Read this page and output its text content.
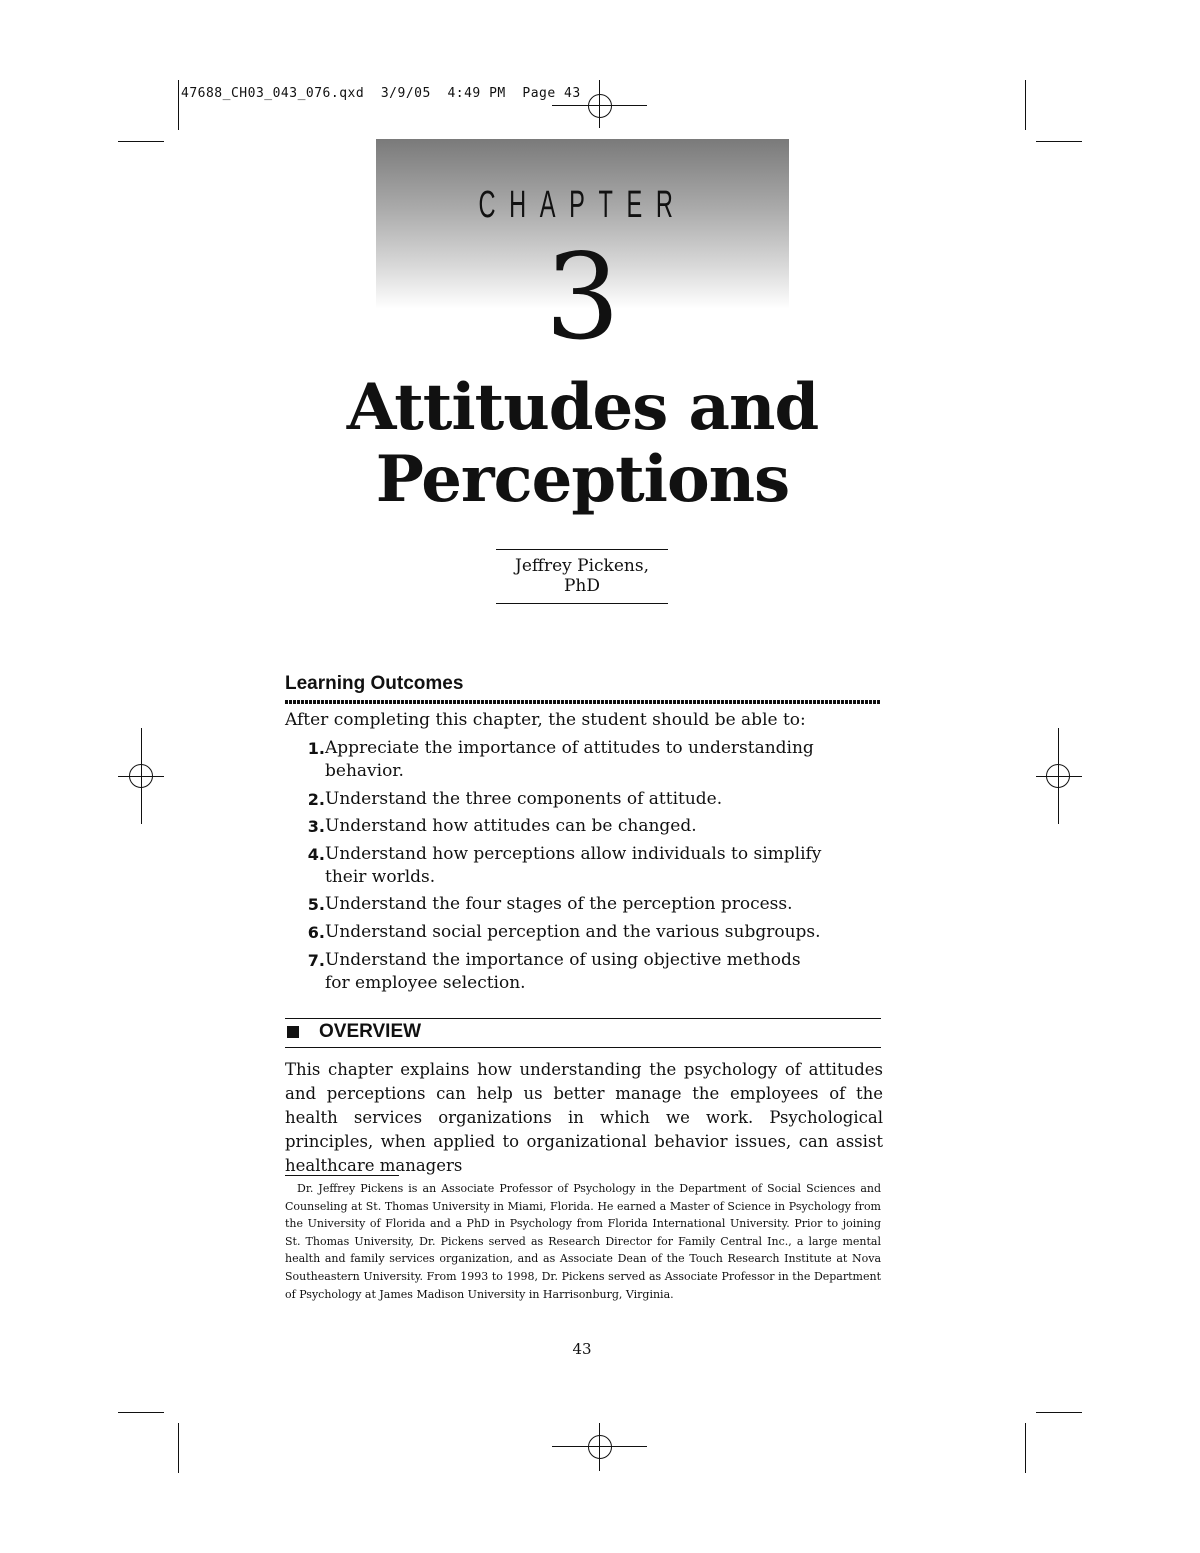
47688_CH03_043_076.qxd  3/9/05  4:49 PM  Page 43
CHAPTER
3
Attitudes and
Perceptions
Jeffrey Pickens, PhD
Learning Outcomes
After completing this chapter, the student should be able to:
1. Appreciate the importance of attitudes to understanding behavior.
2. Understand the three components of attitude.
3. Understand how attitudes can be changed.
4. Understand how perceptions allow individuals to simplify their worlds.
5. Understand the four stages of the perception process.
6. Understand social perception and the various subgroups.
7. Understand the importance of using objective methods for employee selection.
OVERVIEW
This chapter explains how understanding the psychology of attitudes and perceptions can help us better manage the employees of the health services organizations in which we work. Psychological principles, when applied to organizational behavior issues, can assist healthcare managers
Dr. Jeffrey Pickens is an Associate Professor of Psychology in the Department of Social Sciences and Counseling at St. Thomas University in Miami, Florida. He earned a Master of Science in Psychology from the University of Florida and a PhD in Psychology from Florida International University. Prior to joining St. Thomas University, Dr. Pickens served as Research Director for Family Central Inc., a large mental health and family services organization, and as Associate Dean of the Touch Research Institute at Nova Southeastern University. From 1993 to 1998, Dr. Pickens served as Associate Professor in the Department of Psychology at James Madison University in Harrisonburg, Virginia.
43
